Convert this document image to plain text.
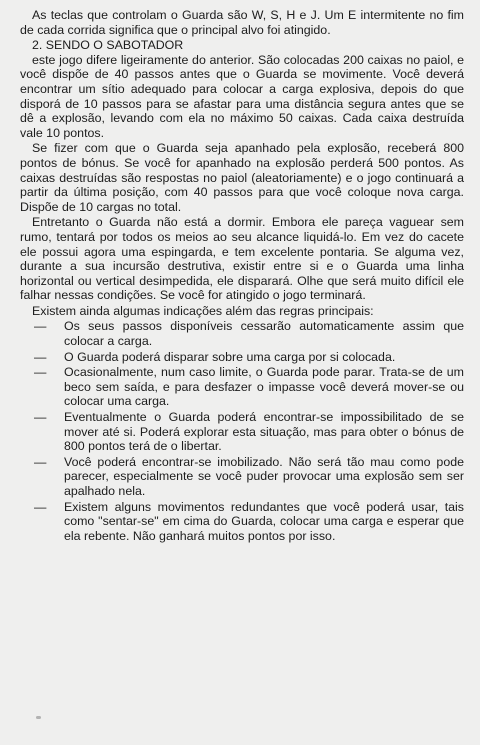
As teclas que controlam o Guarda são W, S, H e J. Um E intermitente no fim de cada corrida significa que o principal alvo foi atingido.

2. SENDO O SABOTADOR

este jogo difere ligeiramente do anterior. São colocadas 200 caixas no paiol, e você dispõe de 40 passos antes que o Guarda se movimente. Você deverá encontrar um sítio adequado para colocar a carga explosiva, depois do que disporá de 10 passos para se afastar para uma distância segura antes que se dê a explosão, levando com ela no máximo 50 caixas. Cada caixa destruída vale 10 pontos.

Se fizer com que o Guarda seja apanhado pela explosão, receberá 800 pontos de bónus. Se você for apanhado na explosão perderá 500 pontos. As caixas destruídas são respostas no paiol (aleatoriamente) e o jogo continuará a partir da última posição, com 40 passos para que você coloque nova carga. Dispõe de 10 cargas no total.

Entretanto o Guarda não está a dormir. Embora ele pareça vaguear sem rumo, tentará por todos os meios ao seu alcance liquidá-lo. Em vez do cacete ele possui agora uma espingarda, e tem excelente pontaria. Se alguma vez, durante a sua incursão destrutiva, existir entre si e o Guarda uma linha horizontal ou vertical desimpedida, ele disparará. Olhe que será muito difícil ele falhar nessas condições. Se você for atingido o jogo terminará.

Existem ainda algumas indicações além das regras principais:

— Os seus passos disponíveis cessarão automaticamente assim que colocar a carga.
— O Guarda poderá disparar sobre uma carga por si colocada.
— Ocasionalmente, num caso limite, o Guarda pode parar. Trata-se de um beco sem saída, e para desfazer o impasse você deverá mover-se ou colocar uma carga.
— Eventualmente o Guarda poderá encontrar-se impossibilitado de se mover até si. Poderá explorar esta situação, mas para obter o bónus de 800 pontos terá de o libertar.
— Você poderá encontrar-se imobilizado. Não será tão mau como pode parecer, especialmente se você puder provocar uma explosão sem ser apalhado nela.
— Existem alguns movimentos redundantes que você poderá usar, tais como "sentar-se" em cima do Guarda, colocar uma carga e esperar que ela rebente. Não ganhará muitos pontos por isso.
